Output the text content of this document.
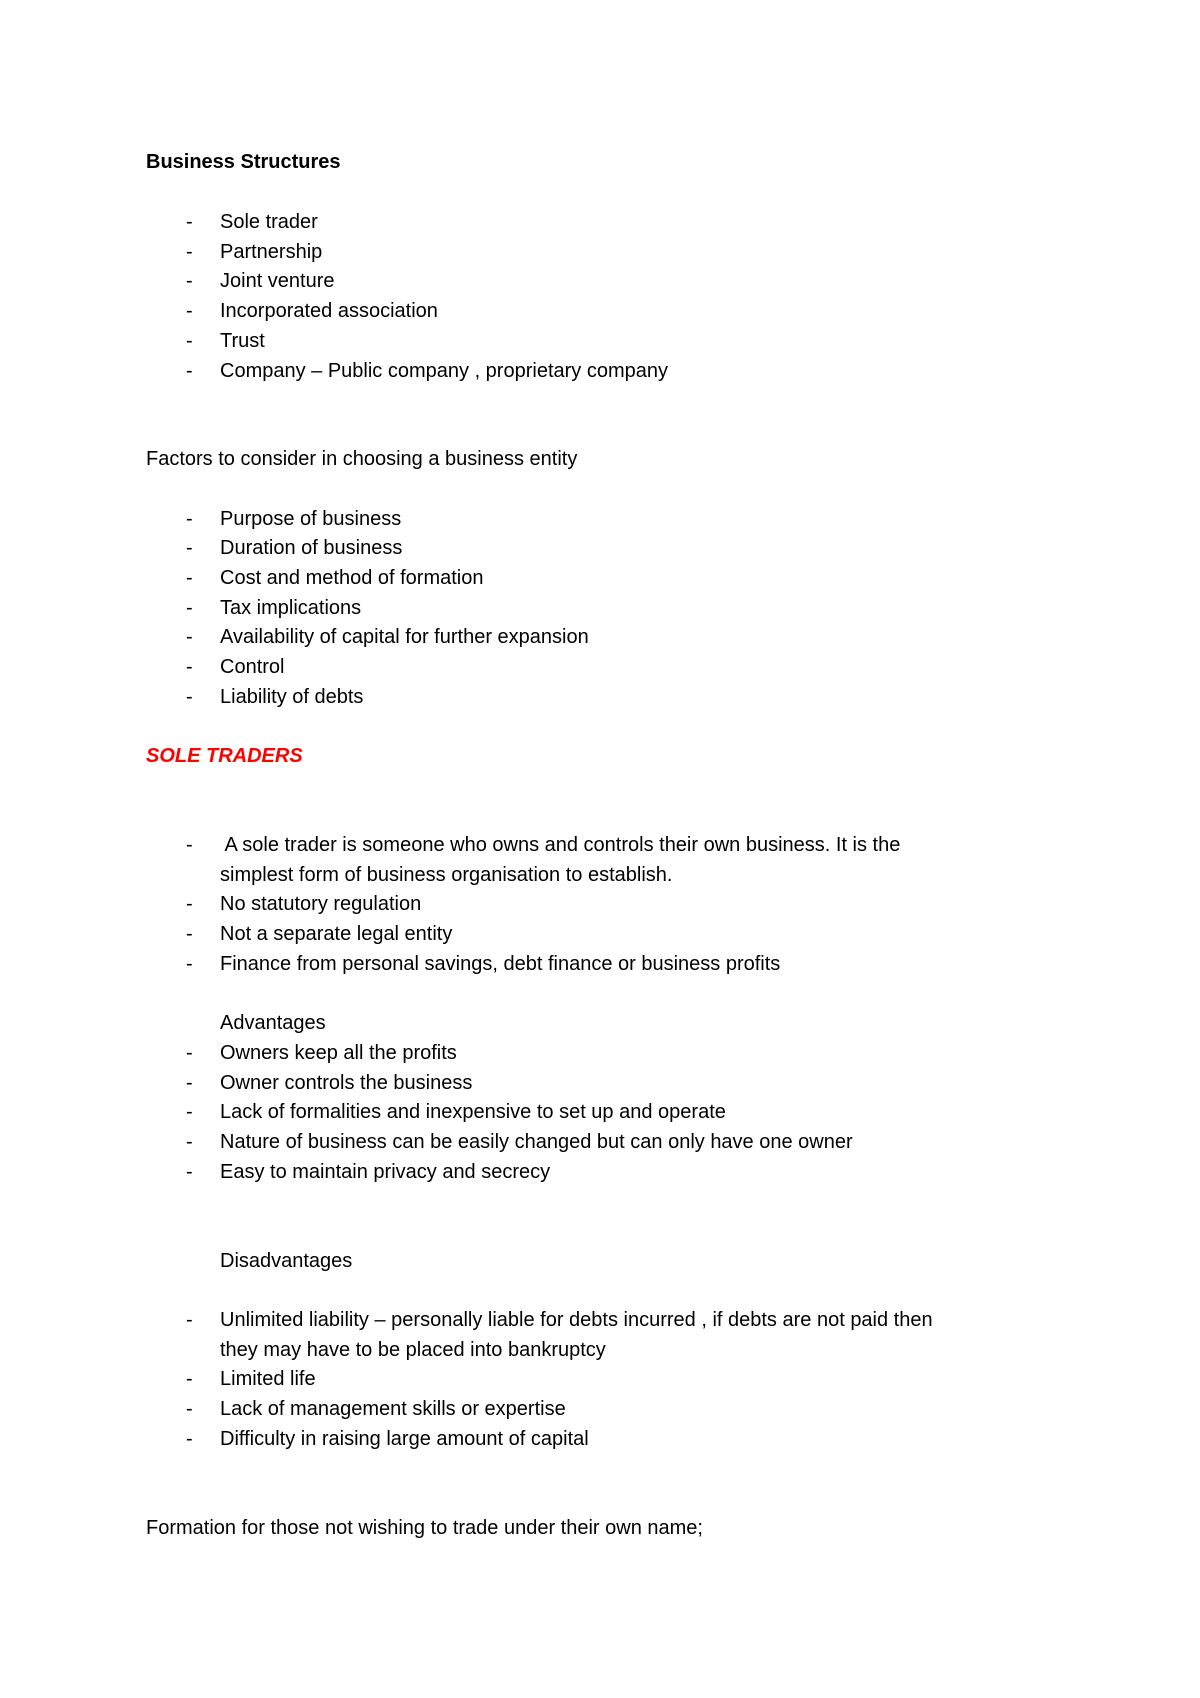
Business Structures
-	Sole trader
-	Partnership
-	Joint venture
-	Incorporated association
-	Trust
-	Company – Public company , proprietary company
Factors to consider in choosing a business entity
-	Purpose of business
-	Duration of business
-	Cost and method of formation
-	Tax implications
-	Availability of capital for further expansion
-	Control
-	Liability of debts
SOLE TRADERS
-	A sole trader is someone who owns and controls their own business. It is the
simplest form of business organisation to establish.
-	No statutory regulation
-	Not a separate legal entity
-	Finance from personal savings, debt finance or business profits
Advantages
-	Owners keep all the profits
-	Owner controls the business
-	Lack of formalities and inexpensive to set up and operate
-	Nature of business can be easily changed but can only have one owner
-	Easy to maintain privacy and secrecy
Disadvantages
-	Unlimited liability – personally liable for debts incurred , if debts are not paid then
they may have to be placed into bankruptcy
-	Limited life
-	Lack of management skills or expertise
-	Difficulty in raising large amount of capital
Formation for those not wishing to trade under their own name;
